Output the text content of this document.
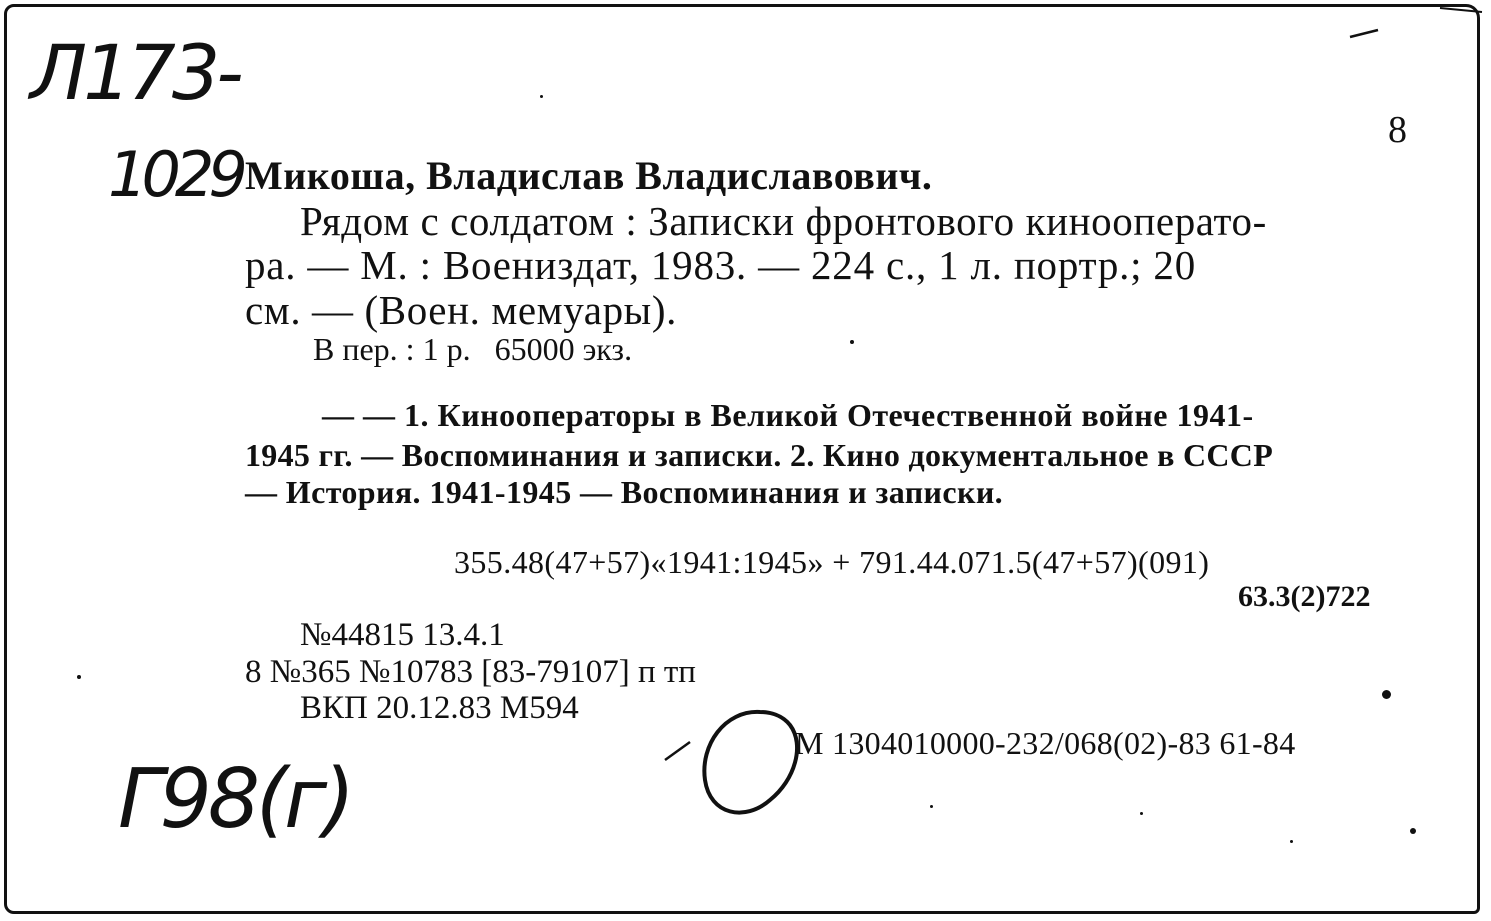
Л173-
1029
Г98(г)
8
Микоша, Владислав Владиславович.
Рядом с солдатом : Записки фронтового кинооперато-
ра. — М. : Воениздат, 1983. — 224 с., 1 л. портр.; 20
см. — (Воен. мемуары).
В пер. : 1 р.   65000 экз.
— — 1. Кинооператоры в Великой Отечественной войне 1941-
1945 гг. — Воспоминания и записки. 2. Кино документальное в СССР
— История. 1941-1945 — Воспоминания и записки.
355.48(47+57)«1941:1945» + 791.44.071.5(47+57)(091)
63.3(2)722
№44815 13.4.1
8 №365 №10783 [83-79107] п тп
ВКП 20.12.83 М594
М 1304010000-232/068(02)-83 61-84
